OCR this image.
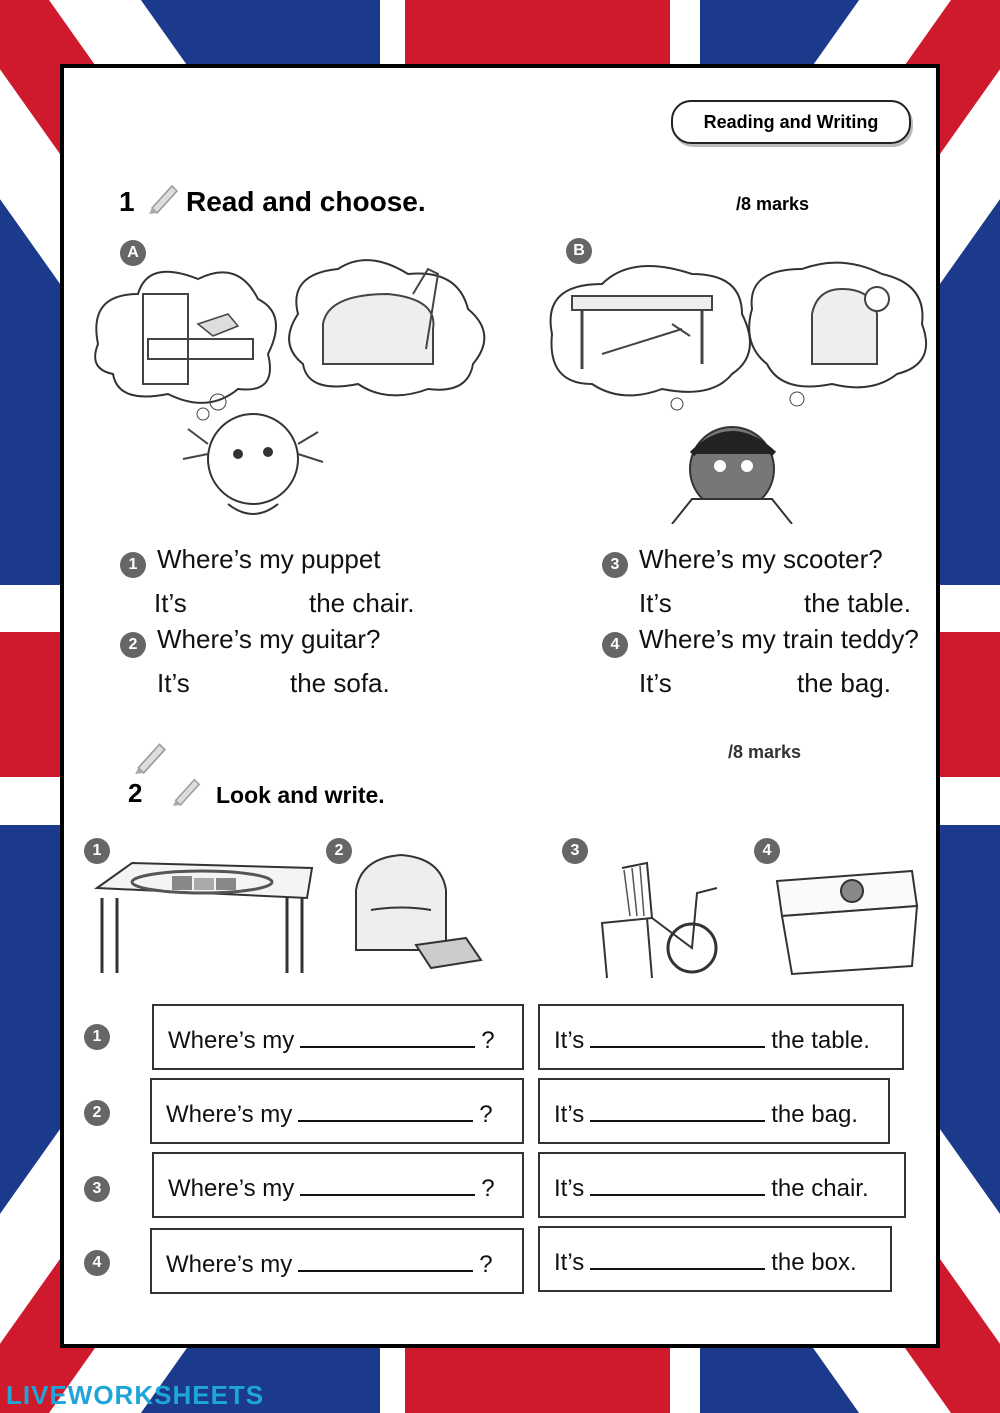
Reading and Writing
1 Read and choose.	/8 marks
A	B
1 Where’s my puppet
It’s	the chair.
2 Where’s my guitar?
It’s	the sofa.
3 Where’s my scooter?
It’s	the table.
4 Where’s my train teddy?
It’s	the bag.
2	Look and write.
/8 marks
1	2	3	4
1	Where’s my	? It’s	the table.
2	Where’s my	?	It’s	the bag.
3	Where’s my	? It’s	the chair.
4	Where’s my	?	It’s	the box.
LIVEWORKSHEETS
